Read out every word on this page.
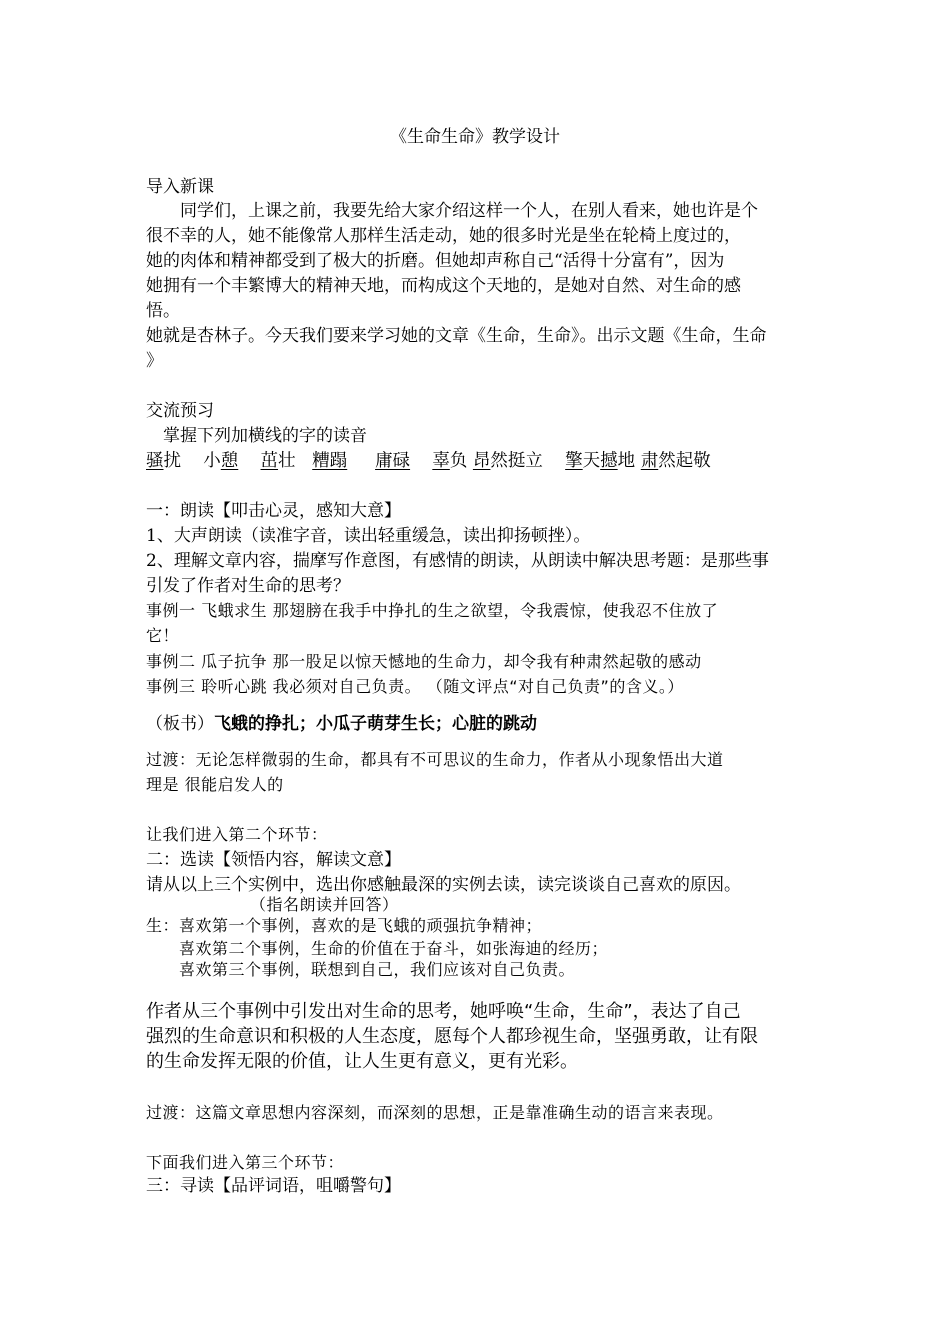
《生命生命》教学设计
导入新课
同学们，上课之前，我要先给大家介绍这样一个人，在别人看来，她也许是个
很不幸的人，她不能像常人那样生活走动，她的很多时光是坐在轮椅上度过的，
她的肉体和精神都受到了极大的折磨。但她却声称自己“活得十分富有”，因为
她拥有一个丰繁博大的精神天地，而构成这个天地的，是她对自然、对生命的感
悟。
她就是杏林子。今天我们要来学习她的文章《生命，生命》。出示文题《生命，生命
》
交流预习
掌握下列加横线的字的读音
骚扰 小憩 茁壮 糟蹋 庸碌 辜负 昂然挺立 擎天撼地 肃然起敬
一：朗读【叩击心灵，感知大意】
1、大声朗读（读准字音，读出轻重缓急，读出抑扬顿挫）。
2、理解文章内容，揣摩写作意图，有感情的朗读，从朗读中解决思考题：是那些事
引发了作者对生命的思考？
事例一 飞蛾求生 那翅膀在我手中挣扎的生之欲望，令我震惊，使我忍不住放了
它！
事例二 瓜子抗争 那一股足以惊天憾地的生命力，却令我有种肃然起敬的感动
事例三 聆听心跳 我必须对自己负责。 （随文评点“对自己负责”的含义。）
（板书）飞蛾的挣扎；小瓜子萌芽生长；心脏的跳动
过渡：无论怎样微弱的生命，都具有不可思议的生命力，作者从小现象悟出大道
理是 很能启发人的
让我们进入第二个环节：
二：选读【领悟内容，解读文意】
请从以上三个实例中，选出你感触最深的实例去读，读完谈谈自己喜欢的原因。
（指名朗读并回答）
生：喜欢第一个事例，喜欢的是飞蛾的顽强抗争精神；
喜欢第二个事例，生命的价值在于奋斗，如张海迪的经历；
喜欢第三个事例，联想到自己，我们应该对自己负责。
作者从三个事例中引发出对生命的思考，她呼唤“生命，生命”，表达了自己
强烈的生命意识和积极的人生态度，愿每个人都珍视生命，坚强勇敢，让有限
的生命发挥无限的价值，让人生更有意义，更有光彩。
过渡：这篇文章思想内容深刻，而深刻的思想，正是靠准确生动的语言来表现。
下面我们进入第三个环节：
三：寻读【品评词语，咀嚼警句】
